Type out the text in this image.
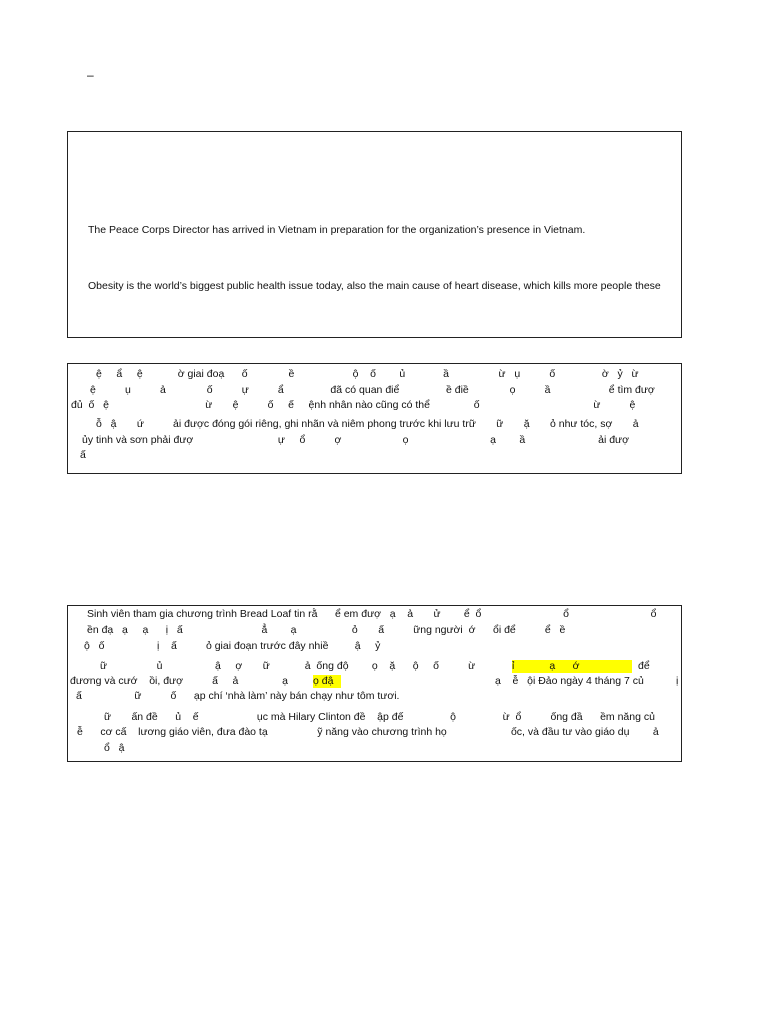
–
The Peace Corps Director has arrived in Vietnam in preparation for the organization’s presence in Vietnam.
Obesity is the world’s biggest public health issue today, also the main cause of heart disease, which kills more people these
ệ     ẩ     ệ            ờ giai đoạ      ố              ề                    ộ    ố        ủ             ầ                 ừ   ụ          ố                ờ   ỷ   ừ
ệ          ụ          ả              ố          ự          ẩ                đã có quan điể                ề điề              ọ          ầ                    ể tìm đượ
đủ  ố   ệ                                 ừ       ệ          ố     ế     ệnh nhân nào cũng có thể               ố                                       ừ          ệ
ỗ   ậ       ứ          ải được đóng gói riêng, ghi nhãn và niêm phong trước khi lưu trữ       ữ       ặ       ỏ như tóc, sợ       ả
ủy tinh và sơn phải đượ                             ự     ổ          ợ                     ọ                            ạ        ầ                         ải đượ
ấ
Sinh viên tham gia chương trình Bread Loaf tin rằ      ể em đượ   ạ    ả       ử        ể  ổ                            ổ                            ổ
ền đạ   ạ     ạ      ị   ấ                           ẳ        ạ                   ỏ       ấ          ững người  ớ      ổi để          ể   ề
ộ   ố                  ị    ấ          ỏ giai đoạn trước đây nhiề         ậ     ỷ
ữ                 ủ                  ậ     ợ       ữ            ả  ống độ        ọ    ặ      ộ     ố          ừ	ỉ            ạ      ớ	để
đương và cướ    ồi, đượ          ấ     ả               ạ ọ đậ	ạ    ễ   ội Đảo ngày 4 tháng 7 củ           ị
ấ                  ữ          ố      ạp chí ‘nhà làm’ này bán chạy như tôm tươi.
ữ       ấn đề      ủ    ế                    ục mà Hilary Clinton đề    ập đế                ộ                ừ  ổ          ống đầ      ềm năng củ
ễ      cơ cấ    lương giáo viên, đưa đào tạ                 ỹ năng vào chương trình họ                      ốc, và đầu tư vào giáo dụ        ả
ổ   ậ
